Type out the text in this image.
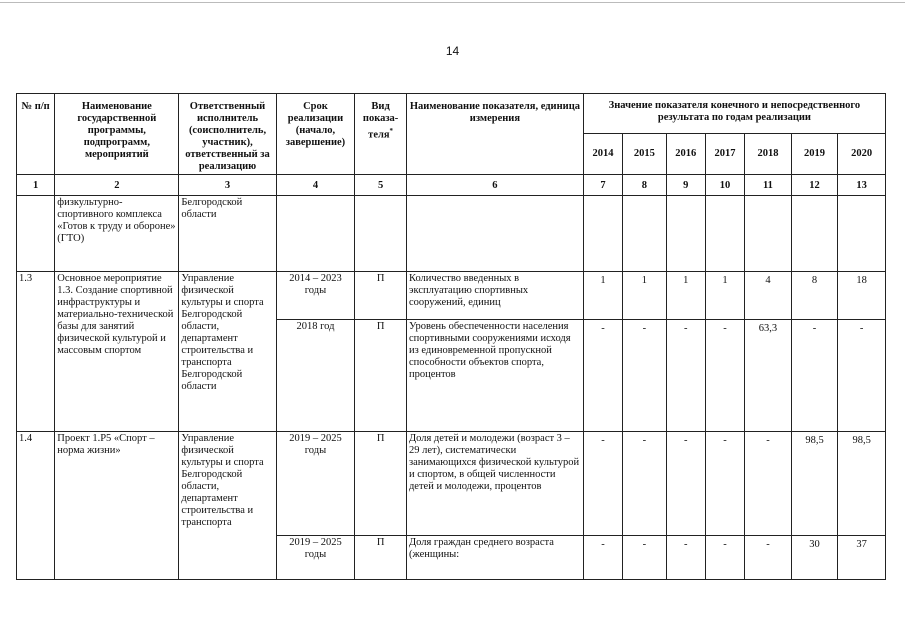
14
№ п/п	Наименование государственной программы, подпрограмм, мероприятий	Ответственный исполнитель (соисполнитель, участник), ответственный за реализацию	Срок реализации (начало, завершение)	Вид показа-теля*	Наименование показателя, единица измерения	Значение показателя конечного и непосредственного результата по годам реализации						
						2014	2015	2016	2017	2018	2019	2020
1	2	3	4	5	6	7	8	9	10	11	12	13
	физкультурно-спортивного комплекса «Готов к труду и обороне» (ГТО)	Белгородской области										
1.3	Основное мероприятие 1.3. Создание спортивной инфраструктуры и материально-технической базы для занятий физической культурой и массовым спортом	Управление физической культуры и спорта Белгородской области, департамент строительства и транспорта Белгородской области	2014 – 2023 годы	П	Количество введенных в эксплуатацию спортивных сооружений, единиц	1	1	1	1	4	8	18
			2018 год	П	Уровень обеспеченности населения спортивными сооружениями исходя из единовременной пропускной способности объектов спорта, процентов	-	-	-	-	63,3	-	-
1.4	Проект 1.Р5 «Спорт – норма жизни»	Управление физической культуры и спорта Белгородской области, департамент строительства и транспорта	2019 – 2025 годы	П	Доля детей и молодежи (возраст 3 – 29 лет), систематически занимающихся физической культурой и спортом, в общей численности детей и молодежи, процентов	-	-	-	-	-	98,5	98,5
			2019 – 2025 годы	П	Доля граждан среднего возраста (женщины:	-	-	-	-	-	30	37
